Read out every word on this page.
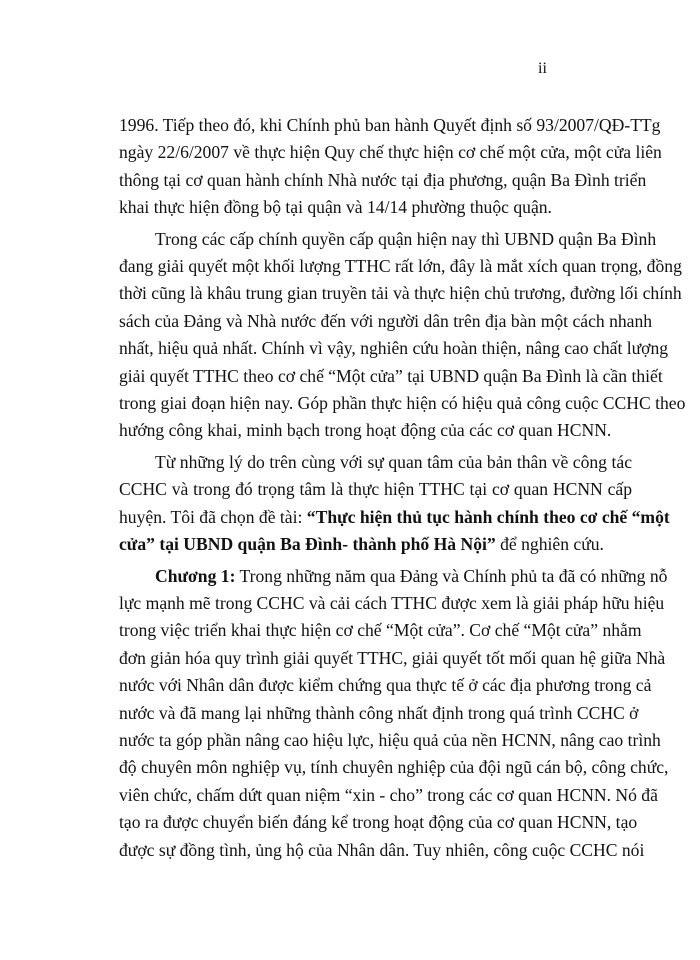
ii
1996. Tiếp theo đó, khi Chính phủ ban hành Quyết định số 93/2007/QĐ-TTg
ngày 22/6/2007 về thực hiện Quy chế thực hiện cơ chế một cửa, một cửa liên
thông tại cơ quan hành chính Nhà nước tại địa phương, quận Ba Đình triển
khai thực hiện đồng bộ tại quận và 14/14 phường thuộc quận.
Trong các cấp chính quyền cấp quận hiện nay thì UBND quận Ba Đình
đang giải quyết một khối lượng TTHC rất lớn, đây là mắt xích quan trọng, đồng
thời cũng là khâu trung gian truyền tải và thực hiện chủ trương, đường lối chính
sách của Đảng và Nhà nước đến với người dân trên địa bàn một cách nhanh
nhất, hiệu quả nhất. Chính vì vậy, nghiên cứu hoàn thiện, nâng cao chất lượng
giải quyết TTHC theo cơ chế “Một cửa” tại UBND quận Ba Đình là cần thiết
trong giai đoạn hiện nay. Góp phần thực hiện có hiệu quả công cuộc CCHC theo
hướng công khai, minh bạch trong hoạt động của các cơ quan HCNN.
Từ những lý do trên cùng với sự quan tâm của bản thân về công tác
CCHC và trong đó trọng tâm là thực hiện TTHC tại cơ quan HCNN cấp
huyện. Tôi đã chọn đề tài: “Thực hiện thủ tục hành chính theo cơ chế “một
cửa” tại UBND quận Ba Đình- thành phố Hà Nội” để nghiên cứu.
Chương 1: Trong những năm qua Đảng và Chính phủ ta đã có những nỗ
lực mạnh mẽ trong CCHC và cải cách TTHC được xem là giải pháp hữu hiệu
trong việc triển khai thực hiện cơ chế “Một cửa”. Cơ chế “Một cửa” nhằm
đơn giản hóa quy trình giải quyết TTHC, giải quyết tốt mối quan hệ giữa Nhà
nước với Nhân dân được kiểm chứng qua thực tế ở các địa phương trong cả
nước và đã mang lại những thành công nhất định trong quá trình CCHC ở
nước ta góp phần nâng cao hiệu lực, hiệu quả của nền HCNN, nâng cao trình
độ chuyên môn nghiệp vụ, tính chuyên nghiệp của đội ngũ cán bộ, công chức,
viên chức, chấm dứt quan niệm “xin - cho” trong các cơ quan HCNN. Nó đã
tạo ra được chuyển biến đáng kể trong hoạt động của cơ quan HCNN, tạo
được sự đồng tình, ủng hộ của Nhân dân. Tuy nhiên, công cuộc CCHC nói
